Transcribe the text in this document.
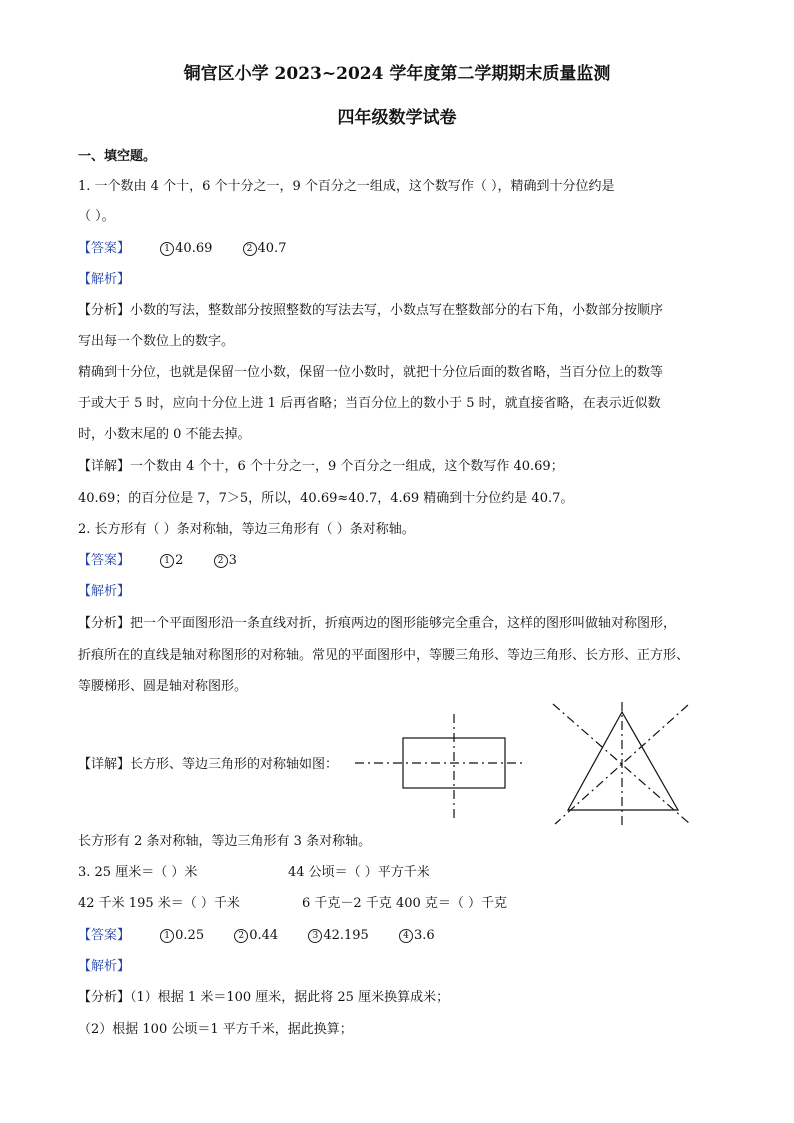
铜官区小学 2023~2024 学年度第二学期期末质量监测
四年级数学试卷
一、填空题。
1. 一个数由 4 个十，6 个十分之一，9 个百分之一组成，这个数写作（ ），精确到十分位约是
（ ）。
【答案】	1 40.69	2 40.7
【解析】
【分析】小数的写法，整数部分按照整数的写法去写，小数点写在整数部分的右下角，小数部分按顺序
写出每一个数位上的数字。
精确到十分位，也就是保留一位小数，保留一位小数时，就把十分位后面的数省略，当百分位上的数等
于或大于 5 时，应向十分位上进 1 后再省略；当百分位上的数小于 5 时，就直接省略，在表示近似数
时，小数末尾的 0 不能去掉。
【详解】一个数由 4 个十，6 个十分之一，9 个百分之一组成，这个数写作 40.69；
40.69；的百分位是 7，7＞5，所以，40.69≈40.7，4.69 精确到十分位约是 40.7。
2. 长方形有（ ）条对称轴，等边三角形有（ ）条对称轴。
【答案】	1 2	2 3
【解析】
【分析】把一个平面图形沿一条直线对折，折痕两边的图形能够完全重合，这样的图形叫做轴对称图形，
折痕所在的直线是轴对称图形的对称轴。常见的平面图形中，等腰三角形、等边三角形、长方形、正方形、
等腰梯形、圆是轴对称图形。
【详解】长方形、等边三角形的对称轴如图：
长方形有 2 条对称轴，等边三角形有 3 条对称轴。
3. 25 厘米＝（ ）米	44 公顷＝（ ）平方千米
42 千米 195 米＝（ ）千米	6 千克－2 千克 400 克＝（ ）千克
【答案】	1 0.25	2 0.44	3 42.195	4 3.6
【解析】
【分析】（1）根据 1 米＝100 厘米，据此将 25 厘米换算成米；
（2）根据 100 公顷＝1 平方千米，据此换算；
